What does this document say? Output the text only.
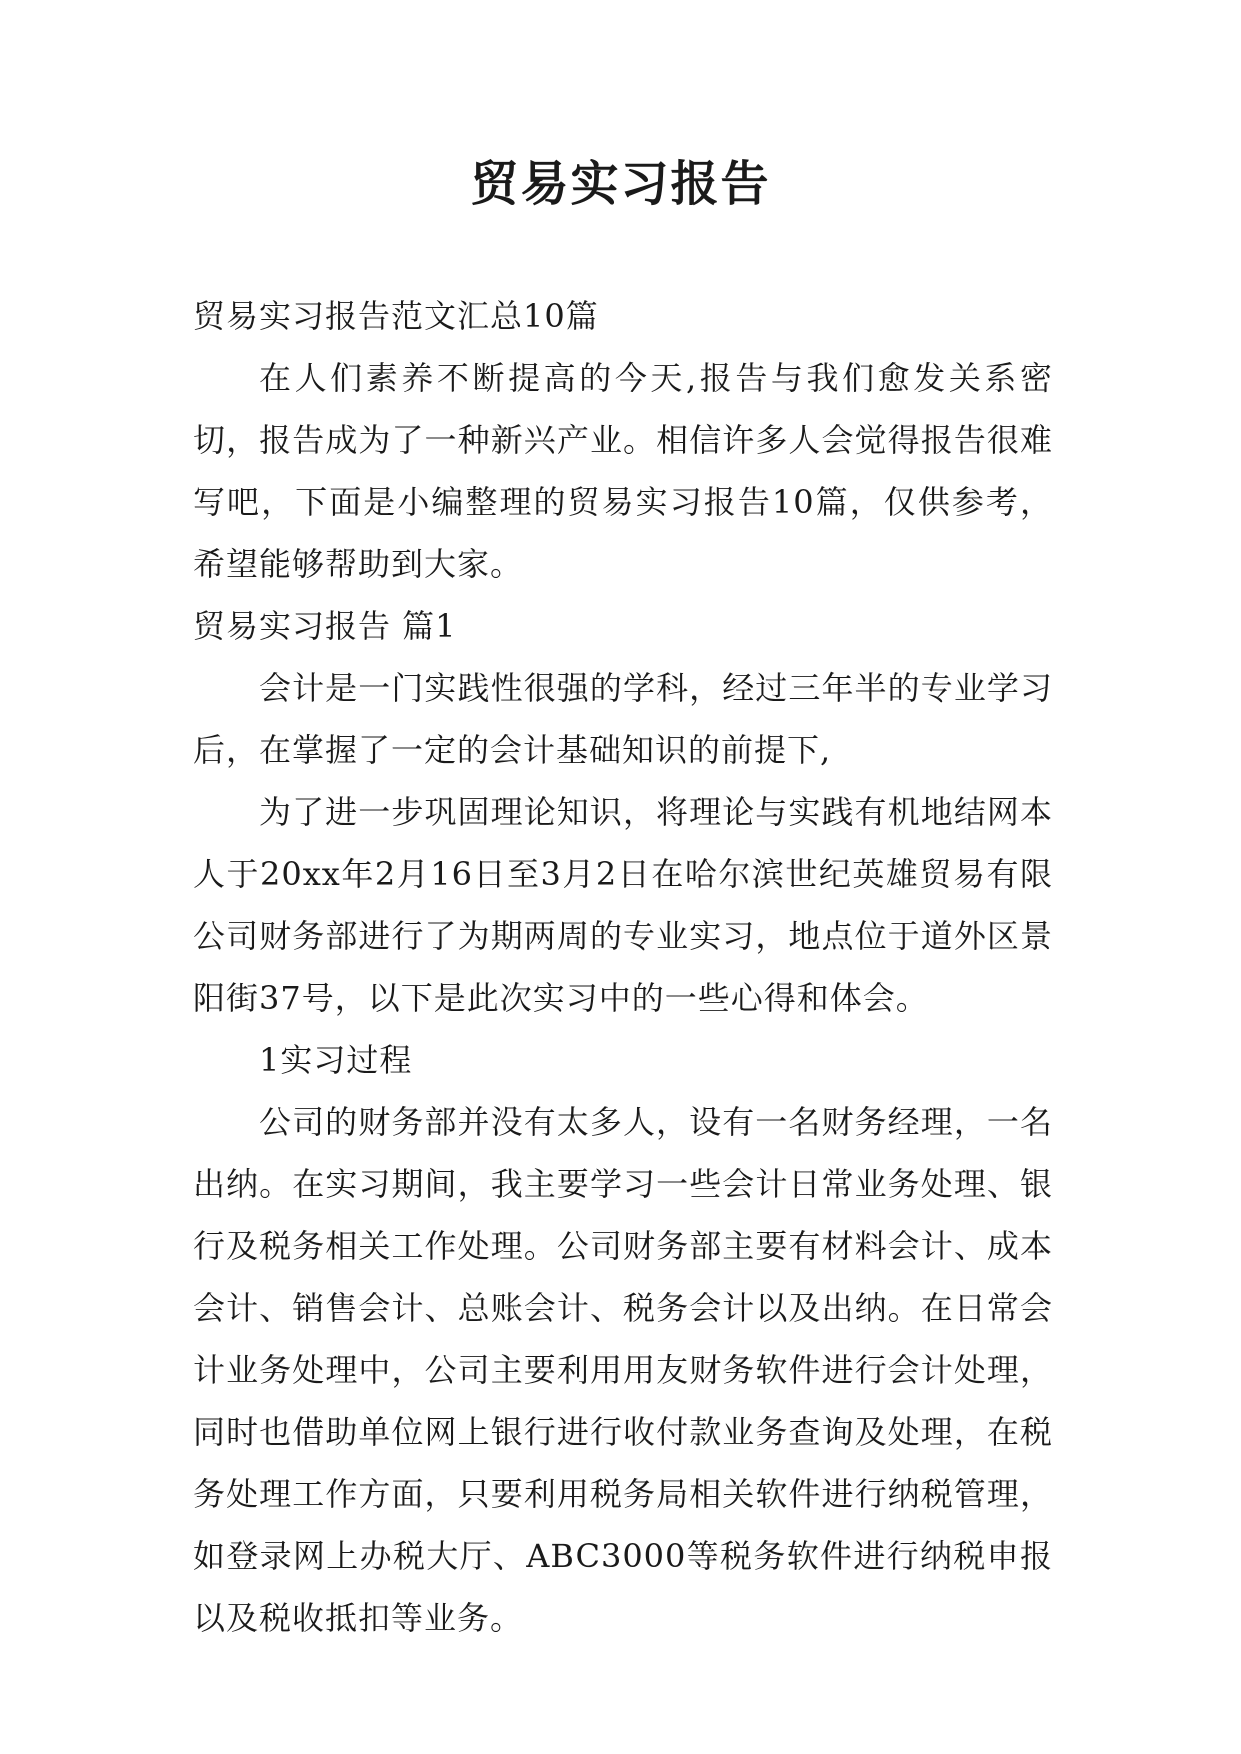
贸易实习报告

贸易实习报告范文汇总10篇

在人们素养不断提高的今天,报告与我们愈发关系密切，报告成为了一种新兴产业。相信许多人会觉得报告很难写吧，下面是小编整理的贸易实习报告10篇，仅供参考，希望能够帮助到大家。

贸易实习报告 篇1

会计是一门实践性很强的学科，经过三年半的专业学习后，在掌握了一定的会计基础知识的前提下,

为了进一步巩固理论知识，将理论与实践有机地结网本人于20xx年2月16日至3月2日在哈尔滨世纪英雄贸易有限公司财务部进行了为期两周的专业实习，地点位于道外区景阳街37号，以下是此次实习中的一些心得和体会。

1实习过程

公司的财务部并没有太多人，设有一名财务经理，一名出纳。在实习期间，我主要学习一些会计日常业务处理、银行及税务相关工作处理。公司财务部主要有材料会计、成本会计、销售会计、总账会计、税务会计以及出纳。在日常会计业务处理中，公司主要利用用友财务软件进行会计处理，同时也借助单位网上银行进行收付款业务查询及处理，在税务处理工作方面，只要利用税务局相关软件进行纳税管理，如登录网上办税大厅、ABC3000等税务软件进行纳税申报以及税收抵扣等业务。
